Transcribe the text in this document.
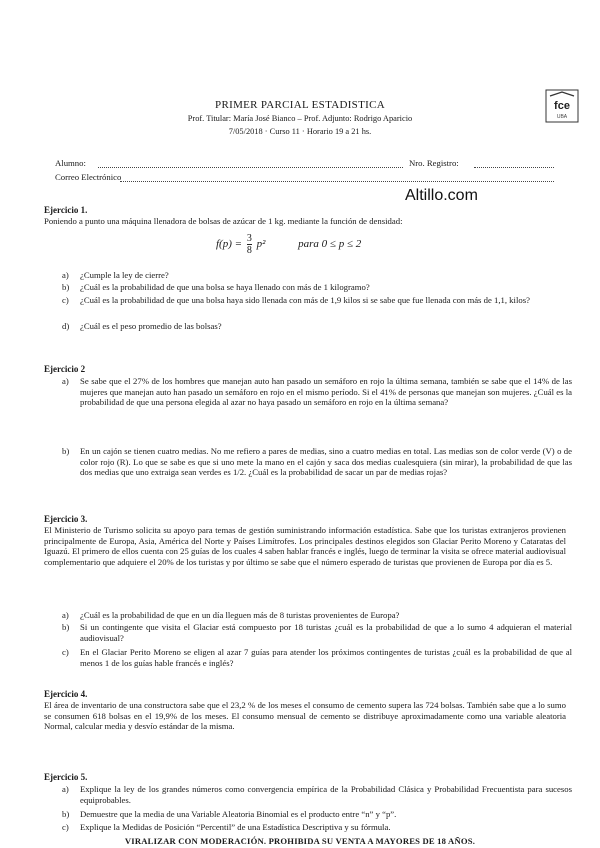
PRIMER PARCIAL ESTADISTICA
Prof. Titular: María José Bianco – Prof. Adjunto: Rodrigo Aparicio
7/05/2018 · Curso 11 · Horario 19 a 21 hs.
fce
UBA
Alumno:	Nro. Registro:
Correo Electrónico
Altillo.com
Ejercicio 1.
Poniendo a punto una máquina llenadora de bolsas de azúcar de 1 kg. mediante la función de densidad:
$f(p) = \frac{3}{8} p^2$	para 0 ≤ p ≤ 2
a) ¿Cumple la ley de cierre?
b) ¿Cuál es la probabilidad de que una bolsa se haya llenado con más de 1 kilogramo?
c) ¿Cuál es la probabilidad de que una bolsa haya sido llenada con más de 1,9 kilos si se sabe que fue llenada con más de 1,1, kilos?
d) ¿Cuál es el peso promedio de las bolsas?
Ejercicio 2
a) Se sabe que el 27% de los hombres que manejan auto han pasado un semáforo en rojo la última semana, también se sabe que el 14% de las mujeres que manejan auto han pasado un semáforo en rojo en el mismo período. Si el 41% de personas que manejan son mujeres. ¿Cuál es la probabilidad de que una persona elegida al azar no haya pasado un semáforo en rojo en la última semana?
b) En un cajón se tienen cuatro medias. No me refiero a pares de medias, sino a cuatro medias en total. Las medias son de color verde (V) o de color rojo (R). Lo que se sabe es que si uno mete la mano en el cajón y saca dos medias cualesquiera (sin mirar), la probabilidad de que las dos medias que uno extraiga sean verdes es 1/2. ¿Cuál es la probabilidad de sacar un par de medias rojas?
Ejercicio 3.
El Ministerio de Turismo solicita su apoyo para temas de gestión suministrando información estadística. Sabe que los turistas extranjeros provienen principalmente de Europa, Asia, América del Norte y Países Limítrofes. Los principales destinos elegidos son Glaciar Perito Moreno y Cataratas del Iguazú. El primero de ellos cuenta con 25 guías de los cuales 4 saben hablar francés e inglés, luego de terminar la visita se ofrece material audiovisual complementario que adquiere el 20% de los turistas y por último se sabe que el número esperado de turistas que provienen de Europa por día es 5.
a) ¿Cuál es la probabilidad de que en un día lleguen más de 8 turistas provenientes de Europa?
b) Si un contingente que visita el Glaciar está compuesto por 18 turistas ¿cuál es la probabilidad de que a lo sumo 4 adquieran el material audiovisual?
c) En el Glaciar Perito Moreno se eligen al azar 7 guías para atender los próximos contingentes de turistas ¿cuál es la probabilidad de que al menos 1 de los guías hable francés e inglés?
Ejercicio 4.
El área de inventario de una constructora sabe que el 23,2 % de los meses el consumo de cemento supera las 724 bolsas. También sabe que a lo sumo se consumen 618 bolsas en el 19,9% de los meses. El consumo mensual de cemento se distribuye aproximadamente como una variable aleatoria Normal, calcular media y desvío estándar de la misma.
Ejercicio 5.
a) Explique la ley de los grandes números como convergencia empírica de la Probabilidad Clásica y Probabilidad Frecuentista para sucesos equiprobables.
b) Demuestre que la media de una Variable Aleatoria Binomial es el producto entre “n” y “p”.
c) Explique la Medidas de Posición “Percentil” de una Estadística Descriptiva y su fórmula.
VIRALIZAR CON MODERACIÓN. PROHIBIDA SU VENTA A MAYORES DE 18 AÑOS.
